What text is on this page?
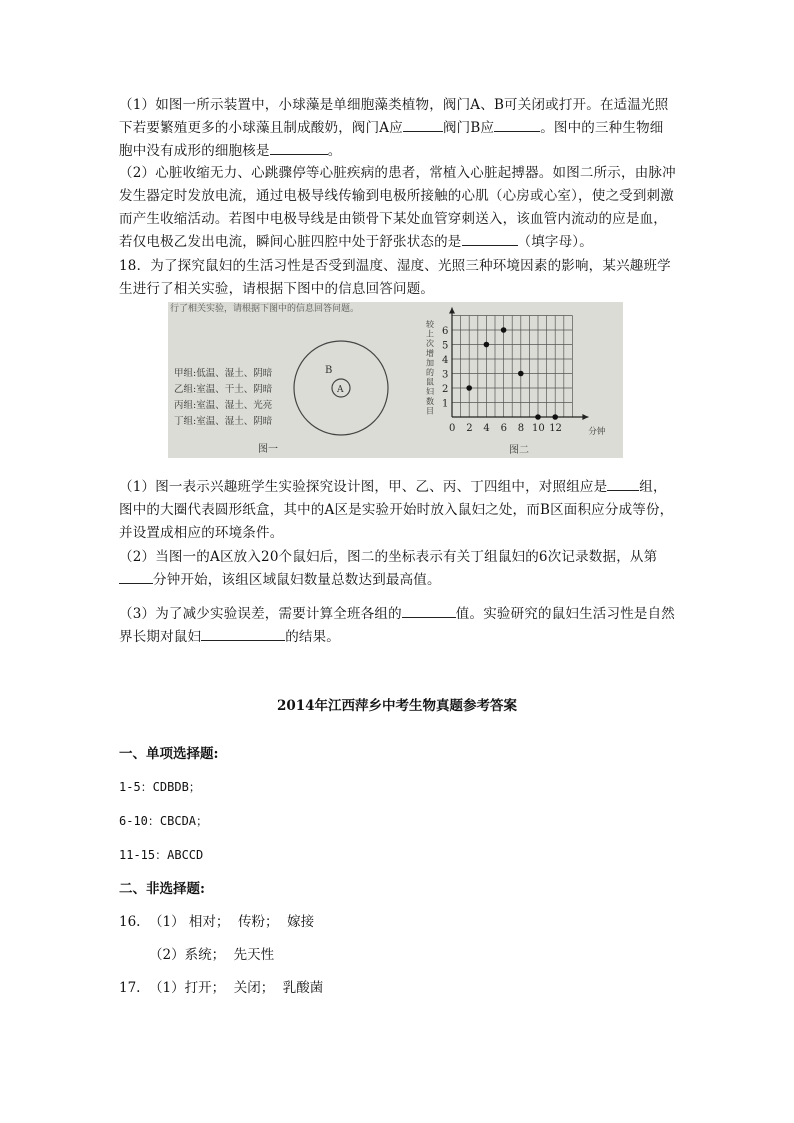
（1）如图一所示装置中，小球藻是单细胞藻类植物，阀门A、B可关闭或打开。在适温光照下若要繁殖更多的小球藻且制成酸奶，阀门A应	阀门B应	。图中的三种生物细胞中没有成形的细胞核是	。
（2）心脏收缩无力、心跳骤停等心脏疾病的患者，常植入心脏起搏器。如图二所示，由脉冲发生器定时发放电流，通过电极导线传输到电极所接触的心肌（心房或心室），使之受到刺激而产生收缩活动。若图中电极导线是由锁骨下某处血管穿刺送入，该血管内流动的应是血，若仅电极乙发出电流，瞬间心脏四腔中处于舒张状态的是	（填字母）。
18．为了探究鼠妇的生活习性是否受到温度、湿度、光照三种环境因素的影响，某兴趣班学生进行了相关实验，请根据下图中的信息回答问题。
行了相关实验，请根据下图中的信息回答问题。
甲组:低温、湿土、阴暗
乙组:室温、干土、阴暗
丙组:室温、湿土、光亮
丁组:室温、湿土、阴暗
B
A
图一
0 2 4 6 8 10 12
1
2
3
4
5
6
分钟
较
上
次
增
加
的
鼠
妇
数
目
图二
（1）图一表示兴趣班学生实验探究设计图，甲、乙、丙、丁四组中，对照组应是 组，图中的大圈代表圆形纸盒，其中的A区是实验开始时放入鼠妇之处，而B区面积应分成等份，并设置成相应的环境条件。
（2）当图一的A区放入20个鼠妇后，图二的坐标表示有关丁组鼠妇的6次记录数据，从第分钟开始，该组区域鼠妇数量总数达到最高值。
（3）为了减少实验误差，需要计算全班各组的	值。实验研究的鼠妇生活习性是自然界长期对鼠妇	的结果。
2014年江西萍乡中考生物真题参考答案
一、单项选择题:
1-5：CDBDB；
6-10：CBCDA；
11-15：ABCCD
二、非选择题:
16.  （1） 相对；  传粉；  嫁接
（2）系统；  先天性
17.  （1）打开；  关闭；  乳酸菌
